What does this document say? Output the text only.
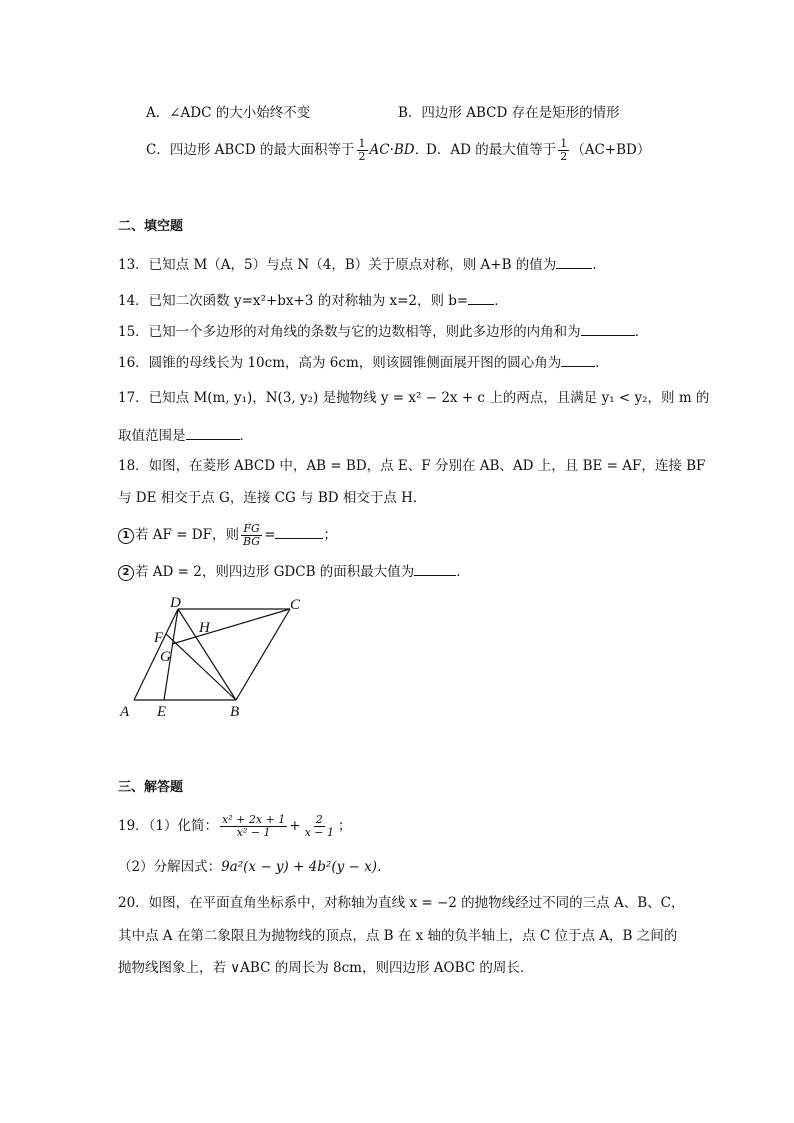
A．∠ADC 的大小始终不变	B．四边形 ABCD 存在是矩形的情形
C．四边形 ABCD 的最大面积等于 $\frac{1}{2} AC\cdot BD$．
D．AD 的最大值等于 $\frac{1}{2} (AC+BD)$
二、填空题
13．已知点 M（A，5）与点 N（4，B）关于原点对称，则 A+B 的值为	．
14．已知二次函数 y=x²+bx+3 的对称轴为 x=2，则 b= ．
15．已知一个多边形的对角线的条数与它的边数相等，则此多边形的内角和为	．
16．圆锥的母线长为 10cm，高为 6cm，则该圆锥侧面展开图的圆心角为	．
17．已知点 M(m, y₁)，N(3, y₂) 是抛物线 y = x² − 2x + c 上的两点，且满足 y₁ < y₂，则 m 的
取值范围是	．
18．如图，在菱形 ABCD 中，AB = BD，点 E、F 分别在 AB、AD 上，且 BE = AF，连接 BF
与 DE 相交于点 G，连接 CG 与 BD 相交于点 H．
1 若 AF = DF，则 $\frac{FG}{BG}$ =	；
2 若 AD = 2，则四边形 GDCB 的面积最大值为	．
D	C
F
H
G
A E	B
三、解答题
19．（1）化简： $\frac{\text{x² + 2x + 1}}{\text{x² − 1}} + \frac{2}{x - 1}$ ；
（2）分解因式：9a²(x − y) + 4b²(y − x)．
20．如图，在平面直角坐标系中，对称轴为直线 x = −2 的抛物线经过不同的三点 A、B、C，
其中点 A 在第二象限且为抛物线的顶点，点 B 在 x 轴的负半轴上，点 C 位于点 A，B 之间的
抛物线图象上，若 ∨ABC 的周长为 8cm，则四边形 AOBC 的周长．
